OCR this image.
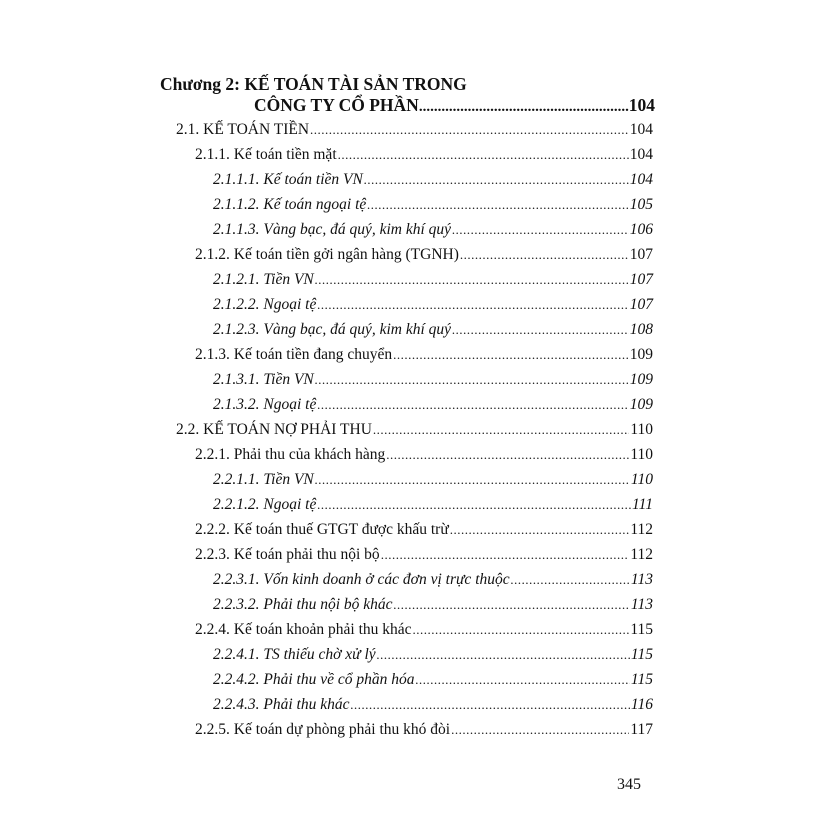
Chương 2: KẾ TOÁN TÀI SẢN TRONG
CÔNG TY CỔ PHẦN .....	104
2.1. KẾ TOÁN TIỀN .....	104
2.1.1. Kế toán tiền mặt .....	104
2.1.1.1. Kế toán tiền VN .....	104
2.1.1.2. Kế toán ngoại tệ .....	105
2.1.1.3. Vàng bạc, đá quý, kim khí quý .....	106
2.1.2. Kế toán tiền gởi ngân hàng (TGNH) .....	107
2.1.2.1. Tiền VN .....	107
2.1.2.2. Ngoại tệ .....	107
2.1.2.3. Vàng bạc, đá quý, kim khí quý .....	108
2.1.3. Kế toán tiền đang chuyển .....	109
2.1.3.1. Tiền VN .....	109
2.1.3.2. Ngoại tệ .....	109
2.2. KẾ TOÁN NỢ PHẢI THU .....	110
2.2.1. Phải thu của khách hàng .....	110
2.2.1.1. Tiền VN .....	110
2.2.1.2. Ngoại tệ .....	111
2.2.2. Kế toán thuế GTGT được khấu trừ .....	112
2.2.3. Kế toán phải thu nội bộ .....	112
2.2.3.1. Vốn kinh doanh ở các đơn vị trực thuộc .....	113
2.2.3.2. Phải thu nội bộ khác .....	113
2.2.4. Kế toán khoản phải thu khác .....	115
2.2.4.1. TS thiếu chờ xử lý .....	115
2.2.4.2. Phải thu về cổ phần hóa .....	115
2.2.4.3. Phải thu khác .....	116
2.2.5. Kế toán dự phòng phải thu khó đòi .....	117
345
